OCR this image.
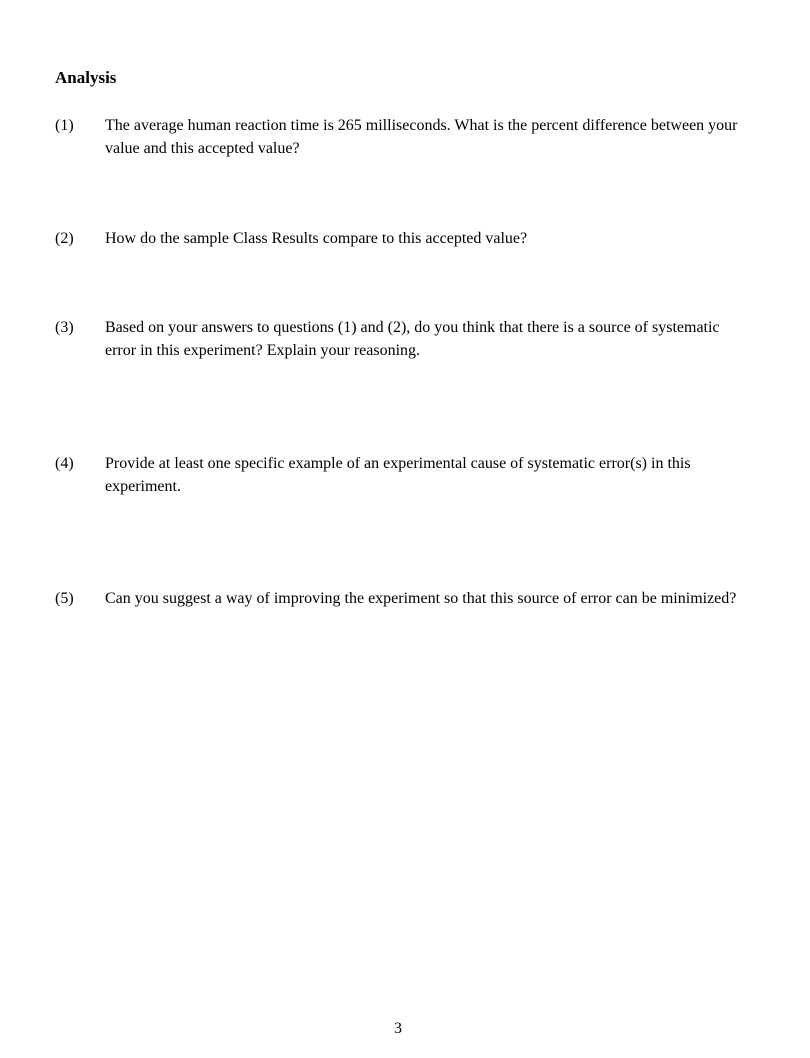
Analysis
(1) The average human reaction time is 265 milliseconds. What is the percent difference between your value and this accepted value?
(2) How do the sample Class Results compare to this accepted value?
(3) Based on your answers to questions (1) and (2), do you think that there is a source of systematic error in this experiment? Explain your reasoning.
(4) Provide at least one specific example of an experimental cause of systematic error(s) in this experiment.
(5) Can you suggest a way of improving the experiment so that this source of error can be minimized?
3
